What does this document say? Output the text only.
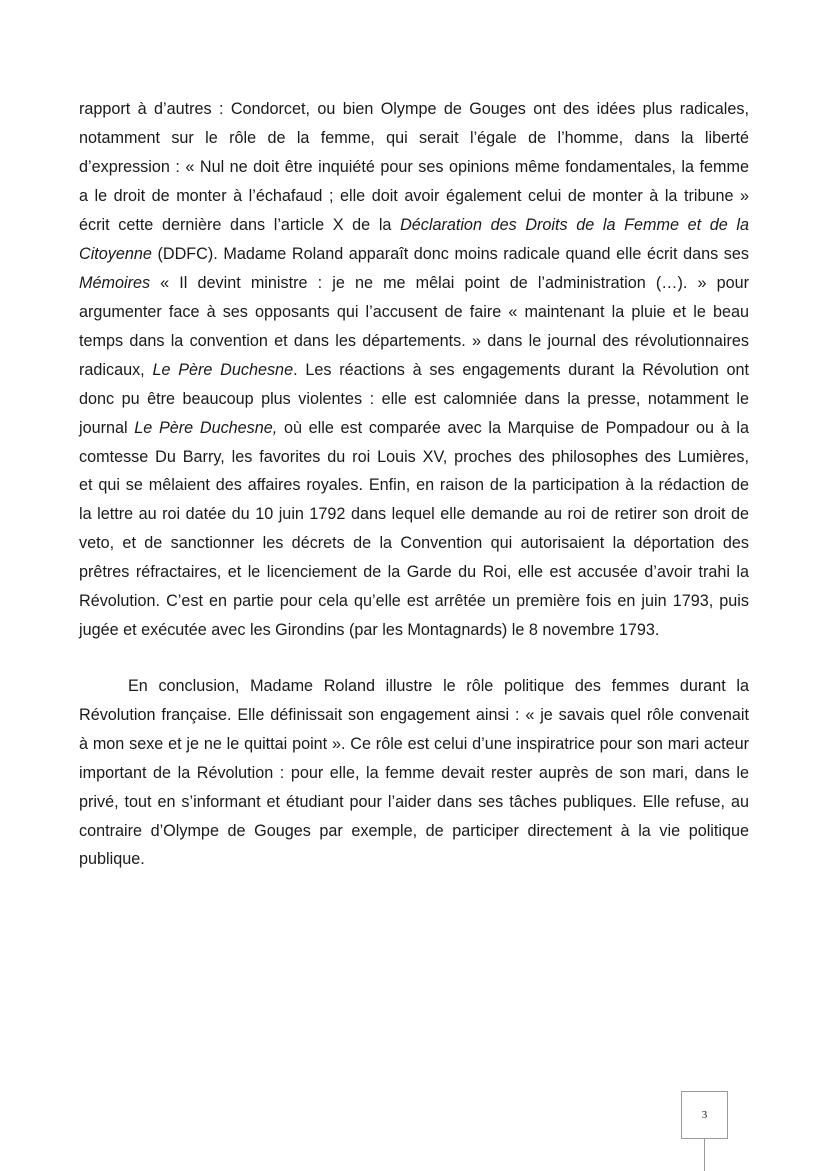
rapport à d’autres : Condorcet, ou bien Olympe de Gouges ont des idées plus radicales,

notamment sur le rôle de la femme, qui serait l’égale de l’homme, dans la liberté

d’expression : « Nul ne doit être inquiété pour ses opinions même fondamentales, la femme

a le droit de monter à l’échafaud ; elle doit avoir également celui de monter à la tribune »

écrit cette dernière dans l’article X de la Déclaration des Droits de la Femme et de la

Citoyenne (DDFC). Madame Roland apparaît donc moins radicale quand elle écrit dans ses

Mémoires « Il devint ministre : je ne me mêlai point de l’administration (…). » pour

argumenter face à ses opposants qui l’accusent de faire « maintenant la pluie et le beau

temps dans la convention et dans les départements. » dans le journal des révolutionnaires

radicaux, Le Père Duchesne. Les réactions à ses engagements durant la Révolution ont

donc pu être beaucoup plus violentes : elle est calomniée dans la presse, notamment le

journal Le Père Duchesne, où elle est comparée avec la Marquise de Pompadour ou à la

comtesse Du Barry, les favorites du roi Louis XV, proches des philosophes des Lumières,

et qui se mêlaient des affaires royales. Enfin, en raison de la participation à la rédaction de

la lettre au roi datée du 10 juin 1792 dans lequel elle demande au roi de retirer son droit de

veto, et de sanctionner les décrets de la Convention qui autorisaient la déportation des

prêtres réfractaires, et le licenciement de la Garde du Roi, elle est accusée d’avoir trahi la

Révolution. C’est en partie pour cela qu’elle est arrêtée un première fois en juin 1793, puis

jugée et exécutée avec les Girondins (par les Montagnards) le 8 novembre 1793.

En conclusion, Madame Roland illustre le rôle politique des femmes durant la

Révolution française. Elle définissait son engagement ainsi : « je savais quel rôle convenait

à mon sexe et je ne le quittai point ». Ce rôle est celui d’une inspiratrice pour son mari acteur

important de la Révolution : pour elle, la femme devait rester auprès de son mari, dans le

privé, tout en s’informant et étudiant pour l’aider dans ses tâches publiques. Elle refuse, au

contraire d’Olympe de Gouges par exemple, de participer directement à la vie politique

publique.

3
